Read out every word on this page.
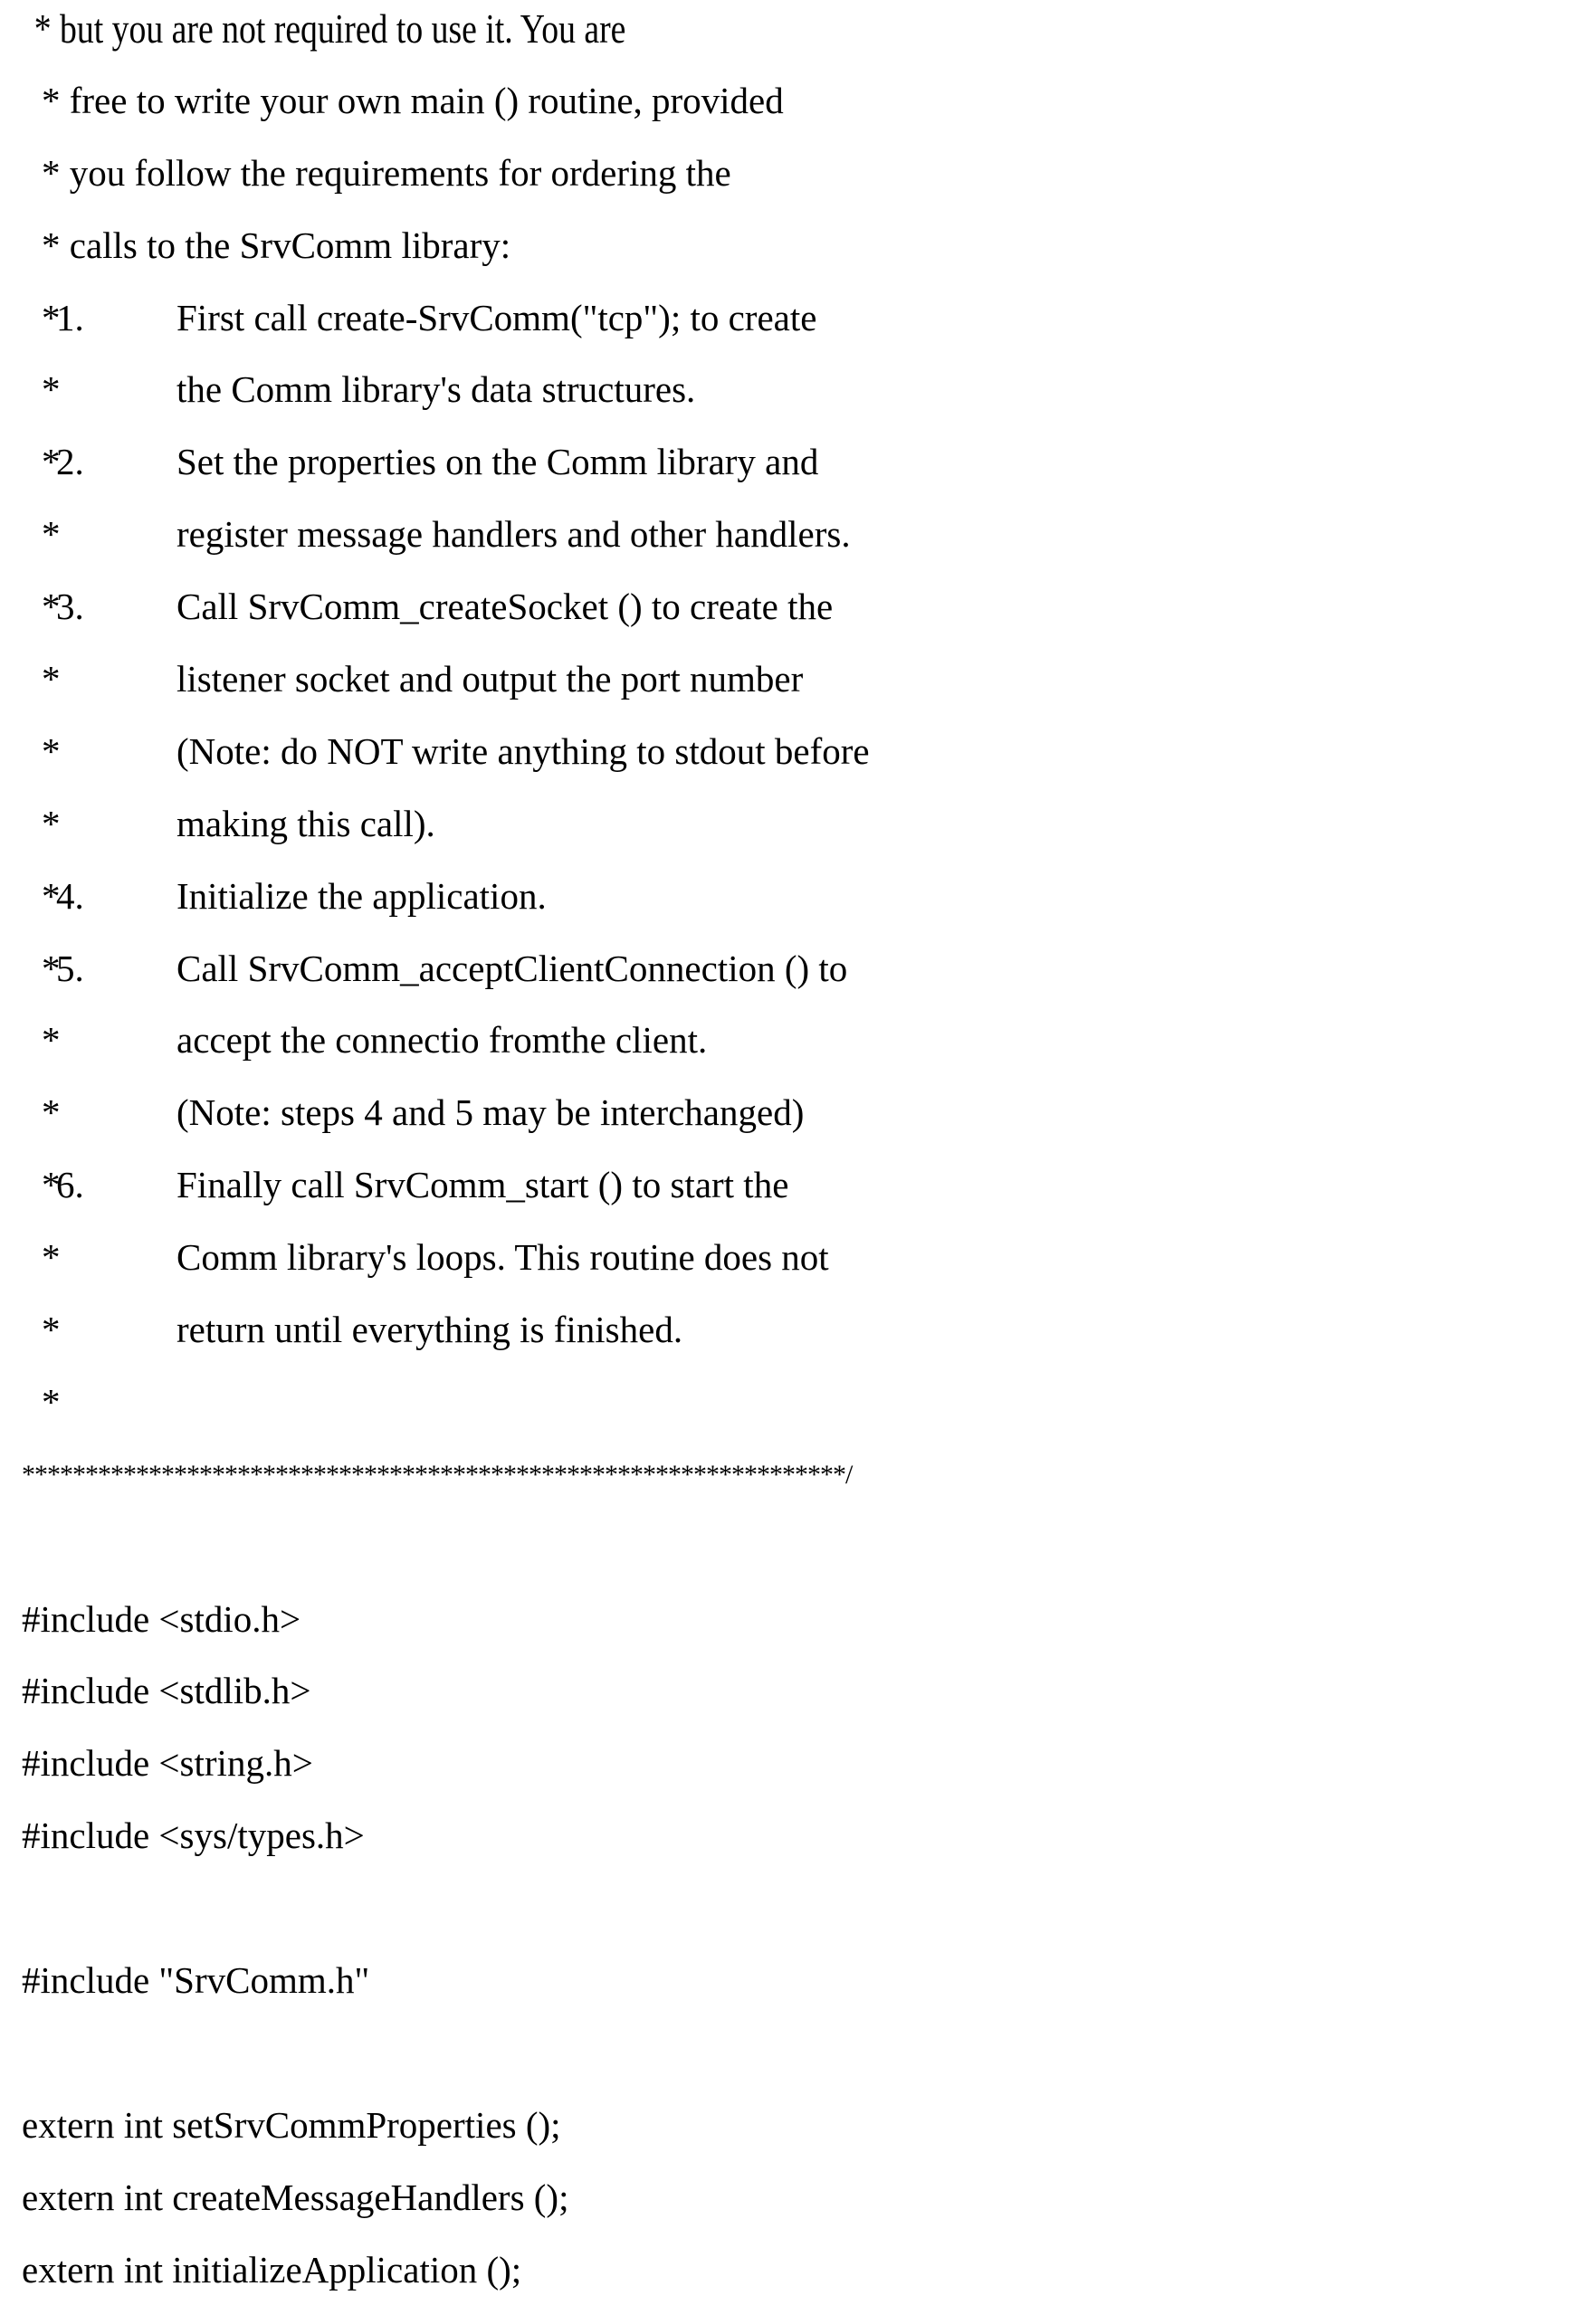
* but you are not required to use it. You are
* free to write your own main () routine, provided
* you follow the requirements for ordering the
* calls to the SrvComm library:
*
1. First call create-SrvComm("tcp"); to create
*	the Comm library's data structures.
*
2. Set the properties on the Comm library and
*	register message handlers and other handlers.
*
3. Call SrvComm_createSocket () to create the
*	listener socket and output the port number
*	(Note: do NOT write anything to stdout before
*	making this call).
*
4. Initialize the application.
*
5. Call SrvComm_acceptClientConnection () to
*	accept the connectio fromthe client.
*	(Note: steps 4 and 5 may be interchanged)
*
6. Finally call SrvComm_start () to start the
*	Comm library's loops. This routine does not
*	return until everything is finished.
*
*****************************************************************/
#include <stdio.h>
#include <stdlib.h>
#include <string.h>
#include <sys/types.h>
#include "SrvComm.h"
extern int setSrvCommProperties ();
extern int createMessageHandlers ();
extern int initializeApplication ();
